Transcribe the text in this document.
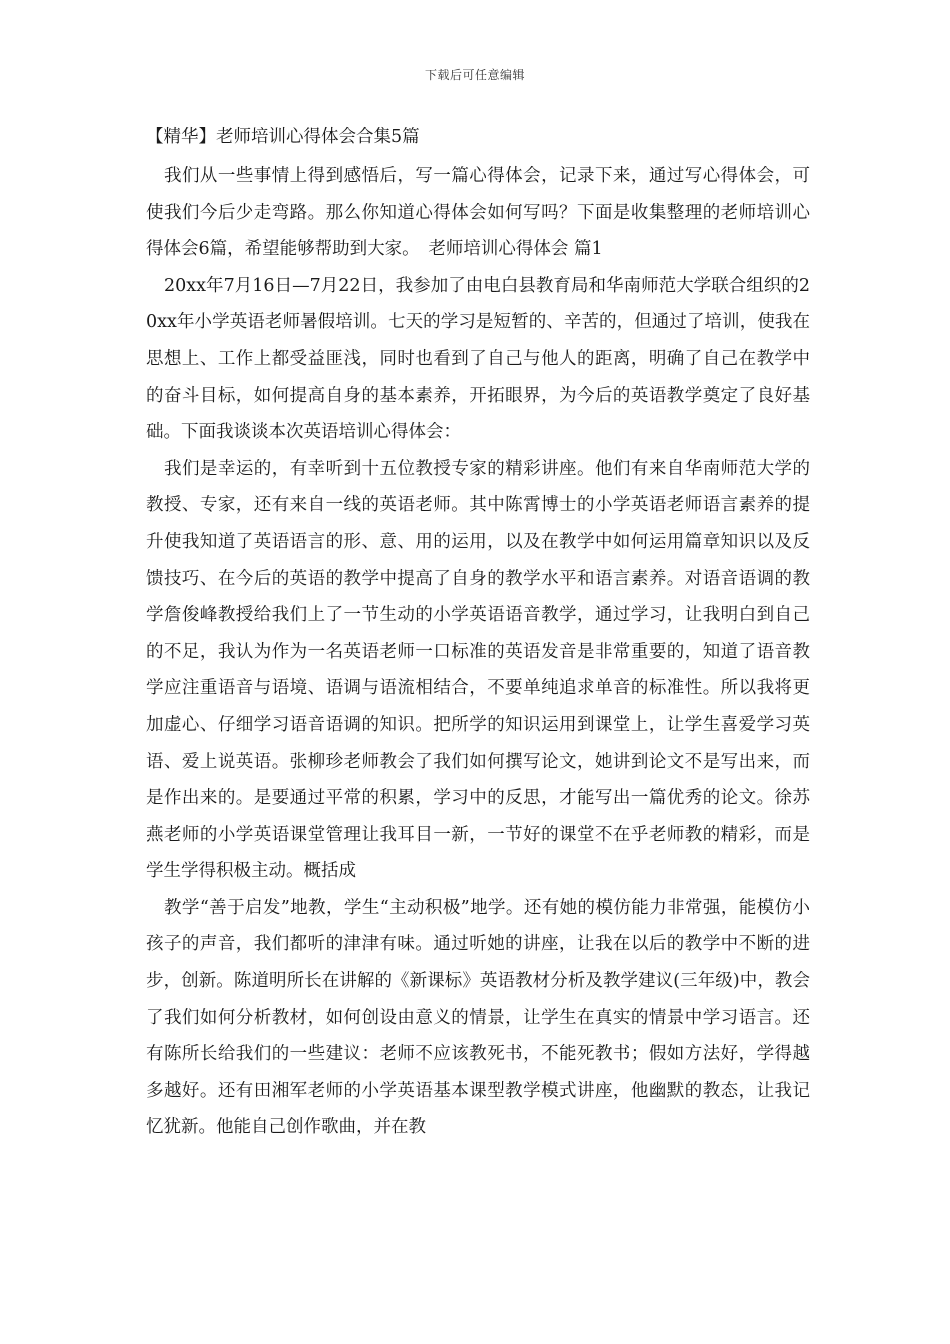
下载后可任意编辑
【精华】老师培训心得体会合集5篇

我们从一些事情上得到感悟后，写一篇心得体会，记录下来，通过写心得体会，可使我们今后少走弯路。那么你知道心得体会如何写吗？下面是收集整理的老师培训心得体会6篇，希望能够帮助到大家。　老师培训心得体会 篇1

20xx年7月16日—7月22日，我参加了由电白县教育局和华南师范大学联合组织的20xx年小学英语老师暑假培训。七天的学习是短暂的、辛苦的，但通过了培训，使我在思想上、工作上都受益匪浅，同时也看到了自己与他人的距离，明确了自己在教学中的奋斗目标，如何提高自身的基本素养，开拓眼界，为今后的英语教学奠定了良好基础。下面我谈谈本次英语培训心得体会：

我们是幸运的，有幸听到十五位教授专家的精彩讲座。他们有来自华南师范大学的教授、专家，还有来自一线的英语老师。其中陈霄博士的小学英语老师语言素养的提升使我知道了英语语言的形、意、用的运用，以及在教学中如何运用篇章知识以及反馈技巧、在今后的英语的教学中提高了自身的教学水平和语言素养。对语音语调的教学詹俊峰教授给我们上了一节生动的小学英语语音教学，通过学习，让我明白到自己的不足，我认为作为一名英语老师一口标准的英语发音是非常重要的，知道了语音教学应注重语音与语境、语调与语流相结合，不要单纯追求单音的标准性。所以我将更加虚心、仔细学习语音语调的知识。把所学的知识运用到课堂上，让学生喜爱学习英语、爱上说英语。张柳珍老师教会了我们如何撰写论文，她讲到论文不是写出来，而是作出来的。是要通过平常的积累，学习中的反思，才能写出一篇优秀的论文。徐苏燕老师的小学英语课堂管理让我耳目一新，一节好的课堂不在乎老师教的精彩，而是学生学得积极主动。概括成

教学“善于启发”地教，学生“主动积极”地学。还有她的模仿能力非常强，能模仿小孩子的声音，我们都听的津津有味。通过听她的讲座，让我在以后的教学中不断的进步，创新。陈道明所长在讲解的《新课标》英语教材分析及教学建议(三年级)中，教会了我们如何分析教材，如何创设由意义的情景，让学生在真实的情景中学习语言。还有陈所长给我们的一些建议：老师不应该教死书，不能死教书；假如方法好，学得越多越好。还有田湘军老师的小学英语基本课型教学模式讲座，他幽默的教态，让我记忆犹新。他能自己创作歌曲，并在教
